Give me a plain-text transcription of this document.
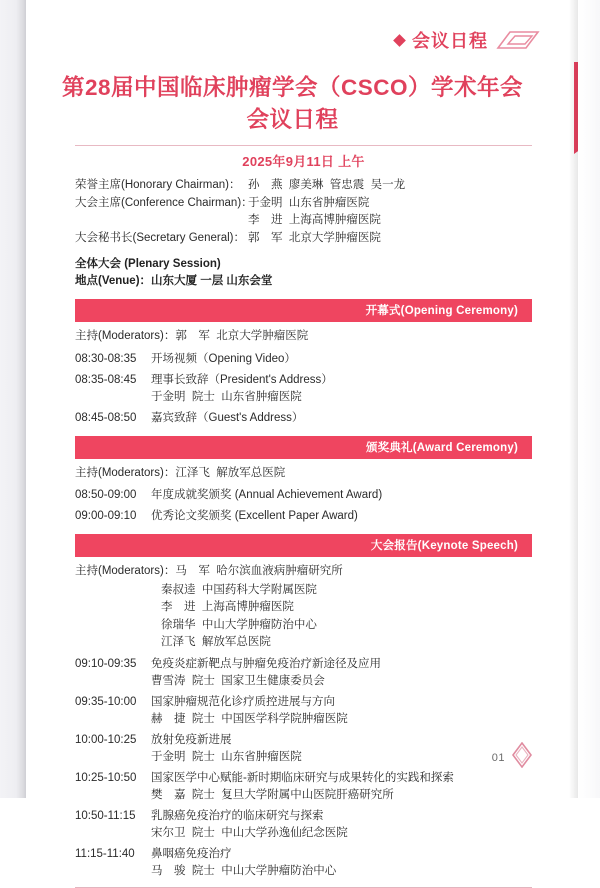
会议日程
第28届中国临床肿瘤学会（CSCO）学术年会
会议日程
2025年9月11日 上午
荣誉主席(Honorary Chairman)： 孙　燕  廖美琳  管忠震  吴一龙
大会主席(Conference Chairman)：
于金明  山东省肿瘤医院
李　进  上海高博肿瘤医院
大会秘书长(Secretary General)： 郭　军  北京大学肿瘤医院
全体大会 (Plenary Session)
地点(Venue)：山东大厦 一层 山东会堂
开幕式(Opening Ceremony)
主持(Moderators)： 郭　军  北京大学肿瘤医院
08:30-08:35	开场视频（Opening Video）
08:35-08:45	理事长致辞（President's Address）
于金明  院士  山东省肿瘤医院
08:45-08:50	嘉宾致辞（Guest's Address）
颁奖典礼(Award Ceremony)
主持(Moderators)： 江泽飞  解放军总医院
08:50-09:00	年度成就奖颁奖 (Annual Achievement Award)
09:00-09:10	优秀论文奖颁奖 (Excellent Paper Award)
大会报告(Keynote Speech)
主持(Moderators)： 马　军  哈尔滨血液病肿瘤研究所
秦叔逵  中国药科大学附属医院
李　进  上海高博肿瘤医院
徐瑞华  中山大学肿瘤防治中心
江泽飞  解放军总医院
09:10-09:35	免疫炎症新靶点与肿瘤免疫治疗新途径及应用
曹雪涛  院士  国家卫生健康委员会
09:35-10:00	国家肿瘤规范化诊疗质控进展与方向
赫　捷  院士  中国医学科学院肿瘤医院
10:00-10:25	放射免疫新进展
于金明  院士  山东省肿瘤医院
10:25-10:50	国家医学中心赋能-新时期临床研究与成果转化的实践和探索
樊　嘉  院士  复旦大学附属中山医院肝癌研究所
10:50-11:15	乳腺癌免疫治疗的临床研究与探索
宋尔卫  院士  中山大学孙逸仙纪念医院
11:15-11:40	鼻咽癌免疫治疗
马　骏  院士  中山大学肿瘤防治中心
01
